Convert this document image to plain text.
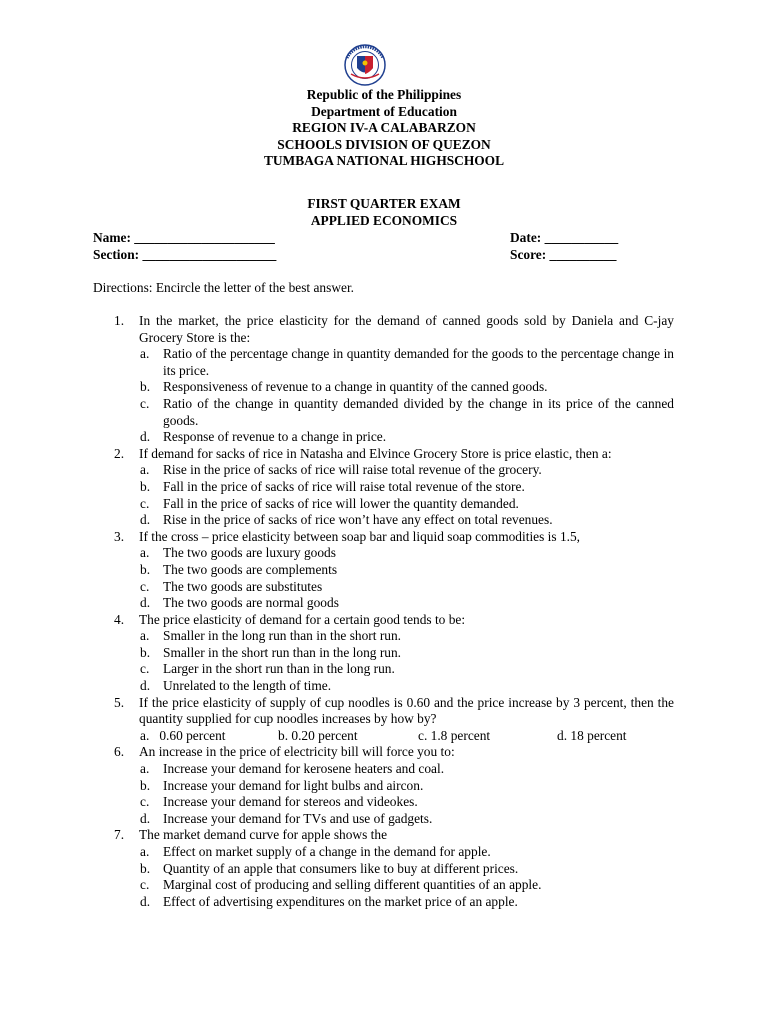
Republic of the Philippines
Department of Education
REGION IV-A CALABARZON
SCHOOLS DIVISION OF QUEZON
TUMBAGA NATIONAL HIGHSCHOOL
FIRST QUARTER EXAM
APPLIED ECONOMICS
Name: _____________________
Section: ____________________
Date: ___________
Score: __________
Directions: Encircle the letter of the best answer.
1.	In the market, the price elasticity for the demand of canned goods sold by Daniela and C-jay Grocery Store is the:
a.	Ratio of the percentage change in quantity demanded for the goods to the percentage change in its price.
b. Responsiveness of revenue to a change in quantity of the canned goods.
c.	Ratio of the change in quantity demanded divided by the change in its price of the canned goods.
d. Response of revenue to a change in price.
2.	If demand for sacks of rice in Natasha and Elvince Grocery Store is price elastic, then a:
a.	Rise in the price of sacks of rice will raise total revenue of the grocery.
b. Fall in the price of sacks of rice will raise total revenue of the store.
c.	Fall in the price of sacks of rice will lower the quantity demanded.
d. Rise in the price of sacks of rice won’t have any effect on total revenues.
3.	If the cross – price elasticity between soap bar and liquid soap commodities is 1.5,
a.	The two goods are luxury goods
b. The two goods are complements
c.	The two goods are substitutes
d. The two goods are normal goods
4.	The price elasticity of demand for a certain good tends to be:
a.	Smaller in the long run than in the short run.
b. Smaller in the short run than in the long run.
c.	Larger in the short run than in the long run.
d. Unrelated to the length of time.
5.	If the price elasticity of supply of cup noodles is 0.60 and the price increase by 3 percent, then the quantity supplied for cup noodles increases by how by?
a.   0.60 percent	b. 0.20 percent	c. 1.8 percent	d. 18 percent
6.	An increase in the price of electricity bill will force you to:
a.	Increase your demand for kerosene heaters and coal.
b. Increase your demand for light bulbs and aircon.
c.	Increase your demand for stereos and videokes.
d. Increase your demand for TVs and use of gadgets.
7.	The market demand curve for apple shows the
a.	Effect on market supply of a change in the demand for apple.
b. Quantity of an apple that consumers like to buy at different prices.
c.	Marginal cost of producing and selling different quantities of an apple.
d. Effect of advertising expenditures on the market price of an apple.
